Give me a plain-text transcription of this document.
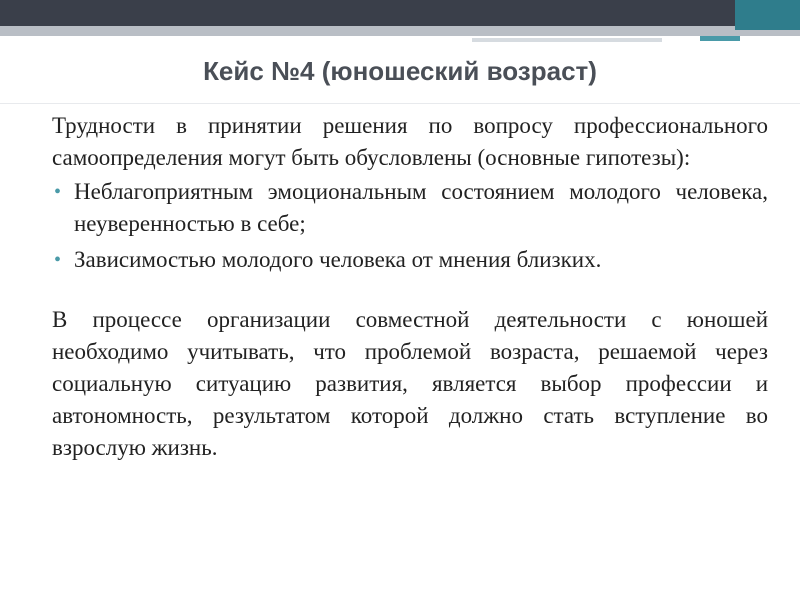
Кейс №4 (юношеский возраст)

Трудности в принятии решения по вопросу профессионального самоопределения могут быть обусловлены (основные гипотезы):

• Неблагоприятным эмоциональным состоянием молодого человека, неуверенностью в себе;
• Зависимостью молодого человека от мнения близких.

В процессе организации совместной деятельности с юношей необходимо учитывать, что проблемой возраста, решаемой через социальную ситуацию развития, является выбор профессии и автономность, результатом которой должно стать вступление во взрослую жизнь.
